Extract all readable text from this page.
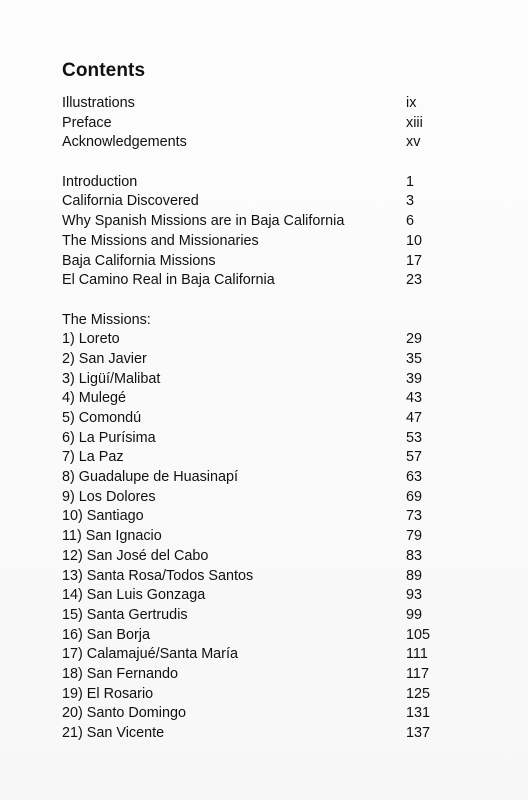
Contents
Illustrations	ix
Preface	xiii
Acknowledgements	xv
Introduction	1
California Discovered	3
Why Spanish Missions are in Baja California	6
The Missions and Missionaries	10
Baja California Missions	17
El Camino Real in Baja California	23
The Missions:
1) Loreto	29
2) San Javier	35
3) Ligüí/Malibat	39
4) Mulegé	43
5) Comondú	47
6) La Purísima	53
7) La Paz	57
8) Guadalupe de Huasinapí	63
9) Los Dolores	69
10) Santiago	73
11) San Ignacio	79
12) San José del Cabo	83
13) Santa Rosa/Todos Santos	89
14) San Luis Gonzaga	93
15) Santa Gertrudis	99
16) San Borja	105
17) Calamajué/Santa María	111
18) San Fernando	117
19) El Rosario	125
20) Santo Domingo	131
21) San Vicente	137
